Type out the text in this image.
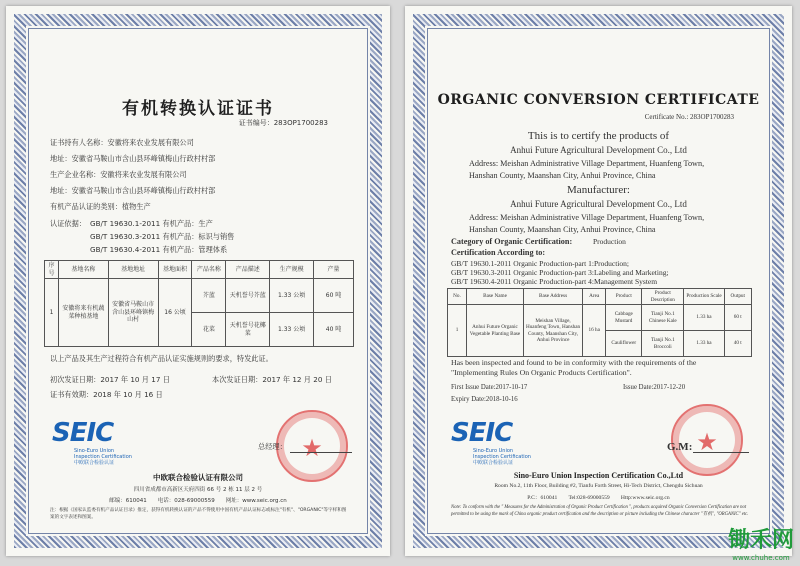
有机转换认证证书
证书编号：283OP1700283
证书持有人名称：安徽将来农业发展有限公司
地址：安徽省马鞍山市含山县环峰镇梅山行政村村部
生产企业名称：安徽将来农业发展有限公司
地址：安徽省马鞍山市含山县环峰镇梅山行政村村部
有机产品认证的类别：植物生产
认证依据： GB/T 19630.1-2011 有机产品：生产
GB/T 19630.3-2011 有机产品：标识与销售
GB/T 19630.4-2011 有机产品：管理体系
序号	基地名称	基地地址	基地面积	产品名称	产品描述	生产规模	产量
1	安徽将来有机蔬菜种植基地	安徽省马鞍山市含山县环峰镇梅山村	16 公顷	芥蓝	天机誉号芥蓝	1.33 公顷	60 吨
				花菜	天机誉号花椰菜	1.33 公顷	40 吨
以上产品及其生产过程符合有机产品认证实施规则的要求，特发此证。
初次发证日期：2017 年 10 月 17 日	本次发证日期：2017 年 12 月 20 日
证书有效期：2018 年 10 月 16 日
SEIC
Sino-Euro Union
Inspection Certification
中欧联合检验认证
★
总经理：
中欧联合检验认证有限公司
四川省成都市高新区天府四街 66 号 2 栋 11 层 2 号
邮编：610041　　电话：028-69000559　　网址：www.seic.org.cn
注：根据《国家认监委有机产品认证目录》推定，获得有机转换认证的产品不得使用中国有机产品认证标志或标注"有机"、"ORGANIC"等字样和图案的文字表述和图案。
ORGANIC CONVERSION CERTIFICATE
Certificate No.: 283OP1700283
This is to certify the products of
Anhui Future Agricultural Development Co., Ltd
Address: Meishan Administrative Village Department, Huanfeng Town,
Hanshan County, Maanshan City, Anhui Province, China
Manufacturer:
Anhui Future Agricultural Development Co., Ltd
Address: Meishan Administrative Village Department, Huanfeng Town,
Hanshan County, Maanshan City, Anhui Province, China
Category of Organic Certification:	Production
Certification According to:
GB/T 19630.1-2011 Organic Production-part 1:Production;
GB/T 19630.3-2011 Organic Production-part 3:Labeling and Marketing;
GB/T 19630.4-2011 Organic Production-part 4:Management System
No.	Base Name	Base Address	Area	Product	Product Description	Production Scale	Output
1	Anhui Future Organic Vegetable Planting Base	Meishan Village, Huanfeng Town, Hanshan County, Maanshan City, Anhui Province	16 ha	Cabbage Mustard	Tianji No.1 Chinese Kale	1.33 ha	60 t
				Cauliflower	Tianji No.1 Broccoli	1.33 ha	40 t
Has been inspected and found to be in conformity with the requirements of the
"Implementing Rules On Organic Products Certification".
First Issue Date:2017-10-17	Issue Date:2017-12-20
Expiry Date:2018-10-16
SEIC
Sino-Euro Union
Inspection Certification
中欧联合检验认证
★
G.M:
Sino-Euro Union Inspection Certification Co.,Ltd
Room No.2, 11th Floor, Building #2, Tianfu Forth Street, Hi-Tech District, Chengdu Sichuan
P.C：610041　　Tel:028-69000559　　Http:www.seic.org.cn
Note: To conform with the " Measures for the Administration of Organic Product Certification ", products acquired Organic Conversion Certification are not permitted to be using the mark of China organic product certification and the description or picture including the Chinese character "有机", "ORGANIC" etc.
锄禾网
www.chuhe.com
